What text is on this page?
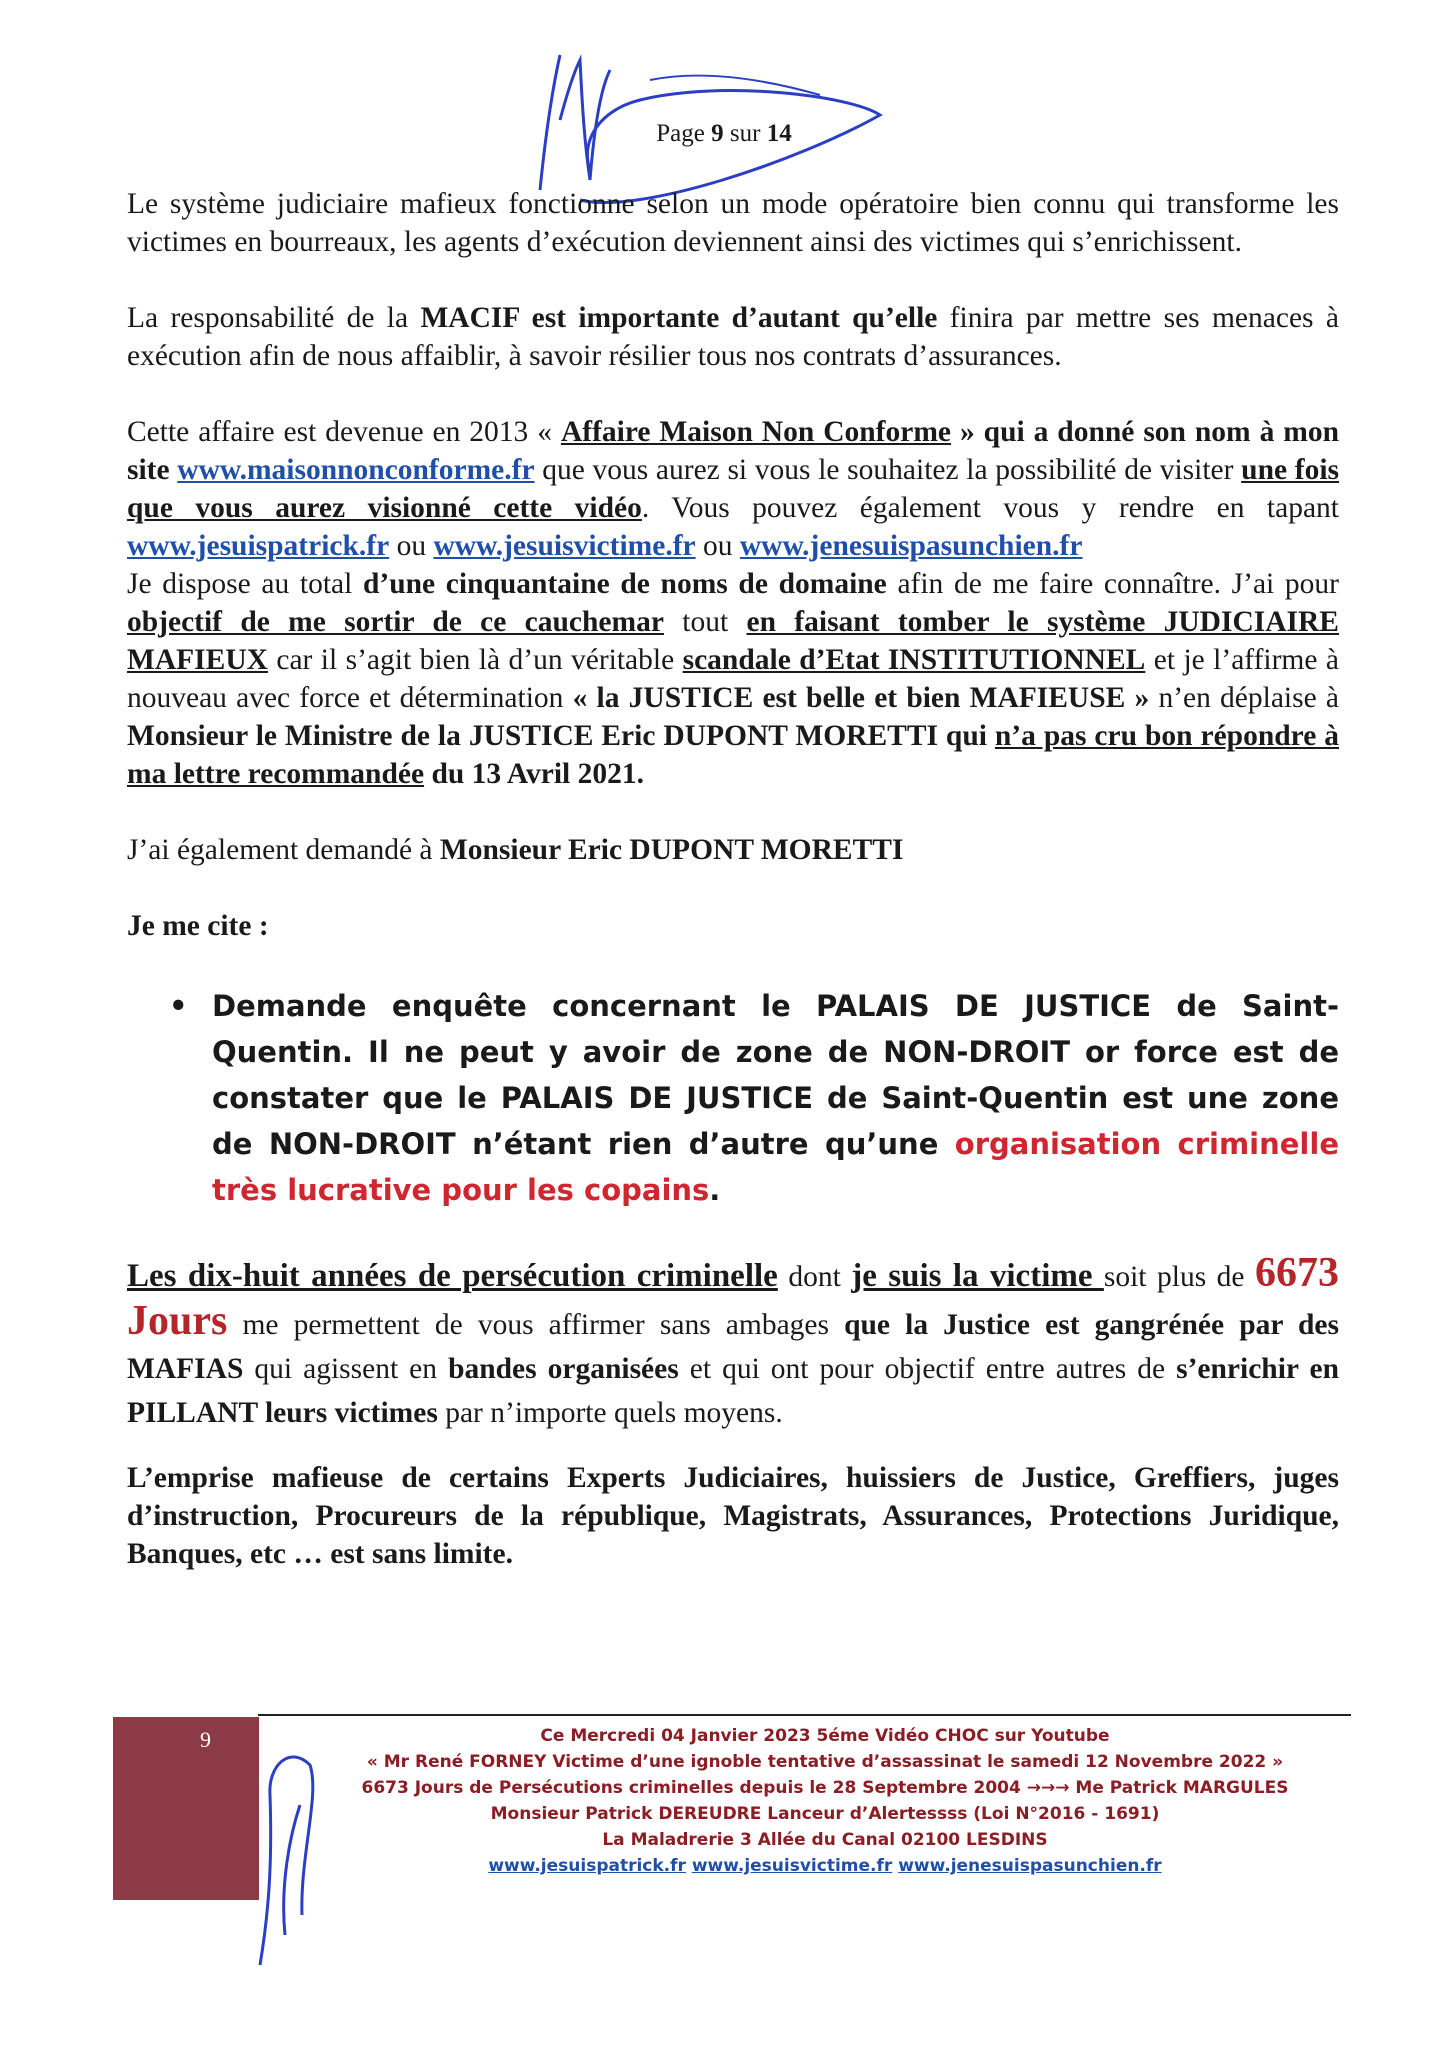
Page 9 sur 14

Le système judiciaire mafieux fonctionne selon un mode opératoire bien connu qui transforme les victimes en bourreaux, les agents d’exécution deviennent ainsi des victimes qui s’enrichissent.

La responsabilité de la MACIF est importante d’autant qu’elle finira par mettre ses menaces à exécution afin de nous affaiblir, à savoir résilier tous nos contrats d’assurances.

Cette affaire est devenue en 2013 « Affaire Maison Non Conforme » qui a donné son nom à mon site www.maisonnonconforme.fr que vous aurez si vous le souhaitez la possibilité de visiter une fois que vous aurez visionné cette vidéo. Vous pouvez également vous y rendre en tapant www.jesuispatrick.fr ou www.jesuisvictime.fr ou www.jenesuispasunchien.fr

Je dispose au total d’une cinquantaine de noms de domaine afin de me faire connaître. J’ai pour objectif de me sortir de ce cauchemar tout en faisant tomber le système JUDICIAIRE MAFIEUX car il s’agit bien là d’un véritable scandale d’Etat INSTITUTIONNEL et je l’affirme à nouveau avec force et détermination « la JUSTICE est belle et bien MAFIEUSE » n’en déplaise à Monsieur le Ministre de la JUSTICE Eric DUPONT MORETTI qui n’a pas cru bon répondre à ma lettre recommandée du 13 Avril 2021.

J’ai également demandé à Monsieur Eric DUPONT MORETTI

Je me cite :

• Demande enquête concernant le PALAIS DE JUSTICE de Saint-Quentin. Il ne peut y avoir de zone de NON-DROIT or force est de constater que le PALAIS DE JUSTICE de Saint-Quentin est une zone de NON-DROIT n’étant rien d’autre qu’une organisation criminelle très lucrative pour les copains.

Les dix-huit années de persécution criminelle dont je suis la victime soit plus de 6673 Jours me permettent de vous affirmer sans ambages que la Justice est gangrénée par des MAFIAS qui agissent en bandes organisées et qui ont pour objectif entre autres de s’enrichir en PILLANT leurs victimes par n’importe quels moyens.

L’emprise mafieuse de certains Experts Judiciaires, huissiers de Justice, Greffiers, juges d’instruction, Procureurs de la république, Magistrats, Assurances, Protections Juridique, Banques, etc … est sans limite.

9	Ce Mercredi 04 Janvier 2023 5éme Vidéo CHOC sur Youtube
« Mr René FORNEY Victime d’une ignoble tentative d’assassinat le samedi 12 Novembre 2022 »
6673 Jours de Persécutions criminelles depuis le 28 Septembre 2004 →→→ Me Patrick MARGULES
Monsieur Patrick DEREUDRE Lanceur d’Alertessss (Loi N°2016 - 1691)
La Maladrerie 3 Allée du Canal 02100 LESDINS
www.jesuispatrick.fr www.jesuisvictime.fr www.jenesuispasunchien.fr
